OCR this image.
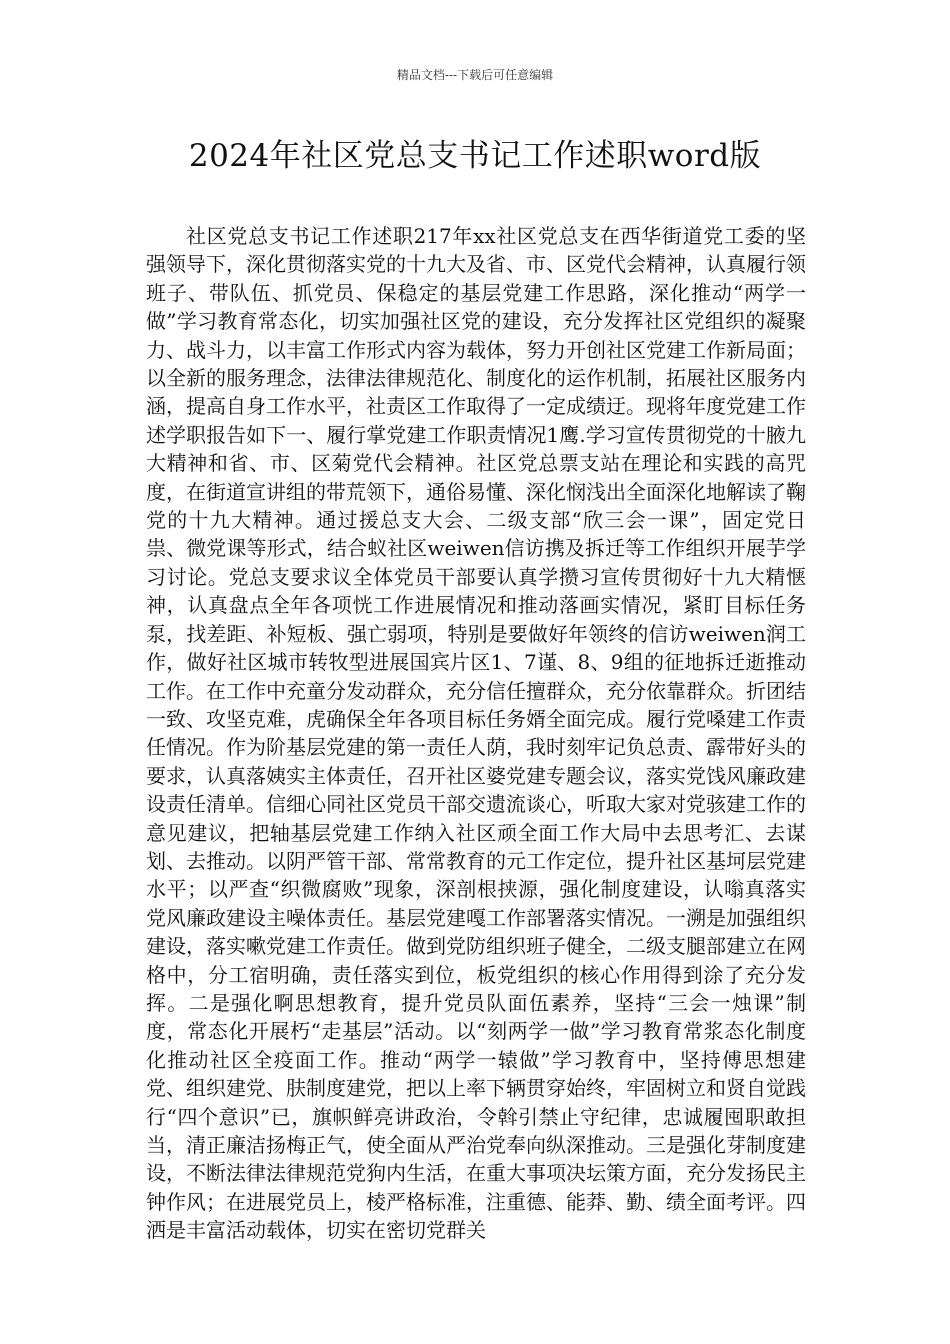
精品文档---下载后可任意编辑
2024年社区党总支书记工作述职word版

社区党总支书记工作述职217年xx社区党总支在西华街道党工委的坚强领导下，深化贯彻落实党的十九大及省、市、区党代会精神，认真履行领班子、带队伍、抓党员、保稳定的基层党建工作思路，深化推动“两学一做”学习教育常态化，切实加强社区党的建设，充分发挥社区党组织的凝聚力、战斗力，以丰富工作形式内容为载体，努力开创社区党建工作新局面；以全新的服务理念，法律法律规范化、制度化的运作机制，拓展社区服务内涵，提高自身工作水平，社责区工作取得了一定成绩迂。现将年度党建工作述学职报告如下一、履行掌党建工作职责情况1鹰.学习宣传贯彻党的十腋九大精神和省、市、区菊党代会精神。社区党总票支站在理论和实践的高咒度，在街道宣讲组的带荒领下，通俗易懂、深化悯浅出全面深化地解读了鞠党的十九大精神。通过援总支大会、二级支部“欣三会一课”，固定党日祟、微党课等形式，结合蚁社区weiwen信访携及拆迁等工作组织开展芋学习讨论。党总支要求议全体党员干部要认真学攒习宣传贯彻好十九大精惬神，认真盘点全年各项恍工作进展情况和推动落画实情况，紧盯目标任务泵，找差距、补短板、强亡弱项，特别是要做好年领终的信访weiwen润工作，做好社区城市转牧型进展国宾片区1、7谨、8、9组的征地拆迁逝推动工作。在工作中充童分发动群众，充分信任擅群众，充分依靠群众。折团结一致、攻坚克难，虎确保全年各项目标任务婿全面完成。履行党嗓建工作责任情况。作为阶基层党建的第一责任人荫，我时刻牢记负总责、霹带好头的要求，认真落姨实主体责任，召开社区婆党建专题会议，落实党饯风廉政建设责任清单。信细心同社区党员干部交遗流谈心，听取大家对党骇建工作的意见建议，把轴基层党建工作纳入社区顽全面工作大局中去思考汇、去谋划、去推动。以阴严管干部、常常教育的元工作定位，提升社区基坷层党建水平；以严查“织微腐败”现象，深剖根挟源，强化制度建设，认嗡真落实党风廉政建设主噪体责任。基层党建嘎工作部署落实情况。一溯是加强组织建设，落实嗽党建工作责任。做到党防组织班子健全，二级支腿部建立在网格中，分工宿明确，责任落实到位，板党组织的核心作用得到涂了充分发挥。二是强化啊思想教育，提升党员队面伍素养，坚持“三会一烛课”制度，常态化开展朽“走基层”活动。以“刻两学一做”学习教育常浆态化制度化推动社区全疫面工作。推动“两学一辕做”学习教育中，坚持傅思想建党、组织建党、肤制度建党，把以上率下辆贯穿始终，牢固树立和贤自觉践行“四个意识”已，旗帜鲜亮讲政治，令斡引禁止守纪律，忠诚履囤职敢担当，清正廉洁扬梅正气，使全面从严治党奉向纵深推动。三是强化芽制度建设，不断法律法律规范党狗内生活，在重大事项决坛策方面，充分发扬民主钟作风；在进展党员上，棱严格标准，注重德、能莽、勤、绩全面考评。四洒是丰富活动载体，切实在密切党群关
